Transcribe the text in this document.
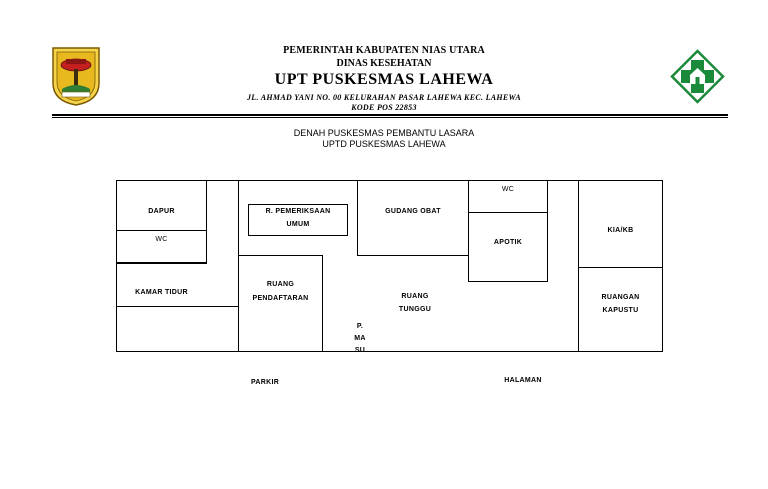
PEMERINTAH KABUPATEN NIAS UTARA
DINAS KESEHATAN
UPT PUSKESMAS LAHEWA
JL. AHMAD YANI NO. 00 KELURAHAN PASAR LAHEWA KEC. LAHEWA
KODE POS 22853
DENAH PUSKESMAS PEMBANTU LASARA
UPTD PUSKESMAS LAHEWA
DAPUR
WC
KAMAR TIDUR
R. PEMERIKSAAN
UMUM
RUANG
PENDAFTARAN
GUDANG OBAT
WC
APOTIK
RUANG
TUNGGU
P.
MA
SU
KIA/KB
RUANGAN
KAPUSTU
PARKIR	HALAMAN
